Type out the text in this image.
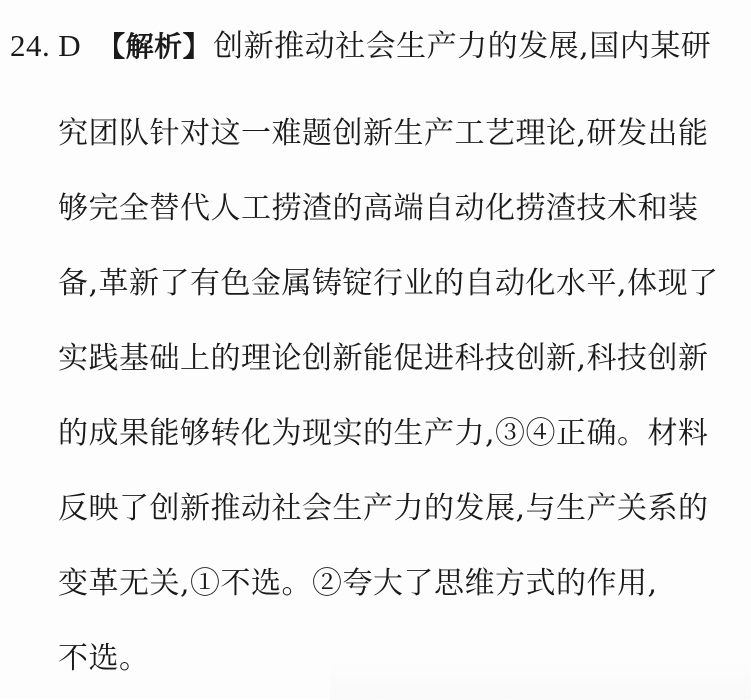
24. D 【解析】创新推动社会生产力的发展,国内某研
究团队针对这一难题创新生产工艺理论,研发出能
够完全替代人工捞渣的高端自动化捞渣技术和装
备,革新了有色金属铸锭行业的自动化水平,体现了
实践基础上的理论创新能促进科技创新,科技创新
的成果能够转化为现实的生产力,③④正确。材料
反映了创新推动社会生产力的发展,与生产关系的
变革无关,①不选。②夸大了思维方式的作用,
不选。
